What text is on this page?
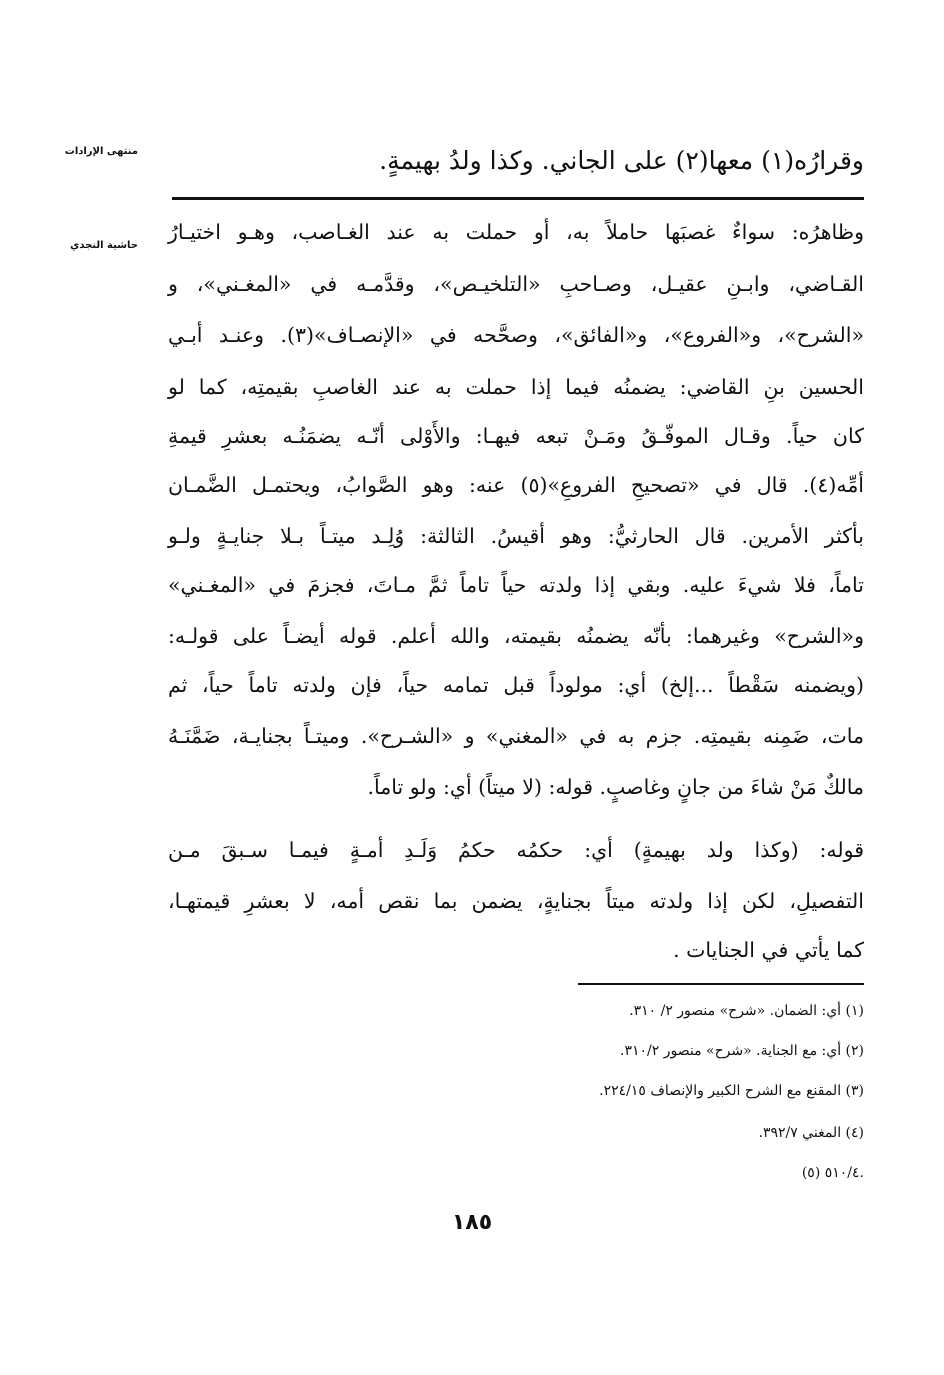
منتهى الإرادات
حاشية النجدي
وقرارُه(١) معها(٢) على الجاني. وكذا ولدُ بهيمةٍ.
وظاهرُه: سواءٌ غصبَها حاملاً به، أو حملت به عند الغـاصب، وهـو اختيـارُ
القـاضي، وابـنِ عقيـل، وصـاحبِ «التلخيـص»، وقدَّمـه في «المغـني»، و
«الشرح»، و«الفروع»، و«الفائق»، وصحَّحه في «الإنصـاف»(٣). وعنـد أبـي
الحسين بنِ القاضي: يضمنُه فيما إذا حملت به عند الغاصبِ بقيمتِه، كما لو
كان حياً. وقـال الموفّـقُ ومَـنْ تبعه فيهـا: والأَوْلى أنّـه يضمَنُـه بعشرِ قيمةِ
أمِّه(٤). قال في «تصحيحِ الفروعِ»(٥) عنه: وهو الصَّوابُ، ويحتمـل الضَّمـان
بأكثر الأمرين. قال الحارثيُّ: وهو أقيسُ. الثالثة: وُلِـد ميتـاً بـلا جنايـةٍ ولـو
تاماً، فلا شيءَ عليه. وبقي إذا ولدته حياً تاماً ثمَّ مـاتَ، فجزمَ في «المغـني»
و«الشرح» وغيرهما: بأنّه يضمنُه بقيمته، والله أعلم. قوله أيضـاً على قولـه:
(ويضمنه سَقْطاً ...إلخ) أي: مولوداً قبل تمامه حياً، فإن ولدته تاماً حياً، ثم
مات، ضَمِنه بقيمتِه. جزم به في «المغني» و «الشـرح». وميتـاً بجنايـة، ضَمَّنَـهُ
مالكٌ مَنْ شاءَ من جانٍ وغاصبٍ. قوله: (لا ميتاً) أي: ولو تاماً.
قوله: (وكذا ولد بهيمةٍ) أي: حكمُه حكمُ وَلَـدِ أمـةٍ فيمـا سـبقَ مـن
التفصيلِ، لكن إذا ولدته ميتاً بجنايةٍ، يضمن بما نقص أمه، لا بعشرِ قيمتهـا،
كما يأتي في الجنايات .
(١) أي: الضمان. «شرح» منصور ٢/ ٣١٠.
(٢) أي: مع الجناية. «شرح» منصور ٣١٠/٢.
(٣) المقنع مع الشرح الكبير والإنصاف ٢٢٤/١٥.
(٤) المغني ٣٩٢/٧.
(٥) ٥١٠/٤.
١٨٥
